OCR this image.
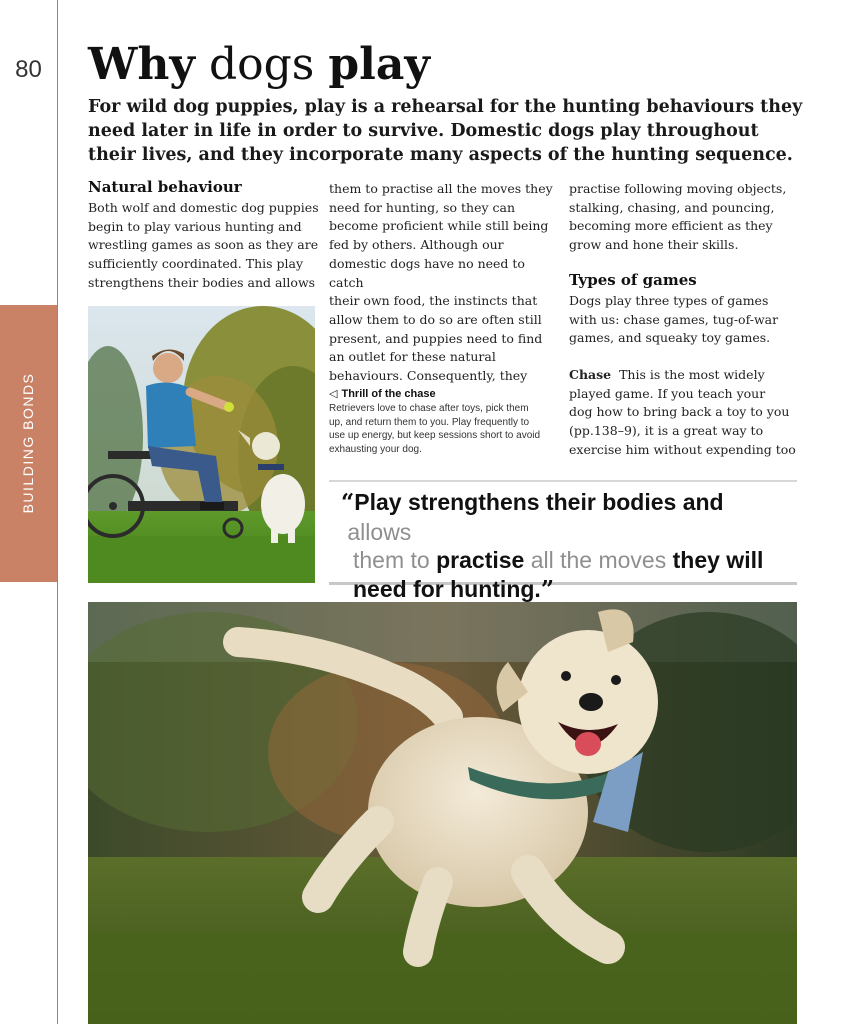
80
BUILDING BONDS
Why dogs play

For wild dog puppies, play is a rehearsal for the hunting behaviours they need later in life in order to survive. Domestic dogs play throughout their lives, and they incorporate many aspects of the hunting sequence.

Natural behaviour
Both wolf and domestic dog puppies
begin to play various hunting and
wrestling games as soon as they are
sufficiently coordinated. This play
strengthens their bodies and allows
them to practise all the moves they
need for hunting, so they can
become proficient while still being
fed by others. Although our
domestic dogs have no need to catch
their own food, the instincts that
allow them to do so are often still
present, and puppies need to find
an outlet for these natural
behaviours. Consequently, they
practise following moving objects,
stalking, chasing, and pouncing,
becoming more efficient as they
grow and hone their skills.
Types of games
Dogs play three types of games
with us: chase games, tug-of-war
games, and squeaky toy games.
Chase  This is the most widely
played game. If you teach your
dog how to bring back a toy to you
(pp.138–9), it is a great way to
exercise him without expending too
◁ Thrill of the chase
Retrievers love to chase after toys, pick them
up, and return them to you. Play frequently to
use up energy, but keep sessions short to avoid
exhausting your dog.
“Play strengthens their bodies and allows
them to practise all the moves they will
need for hunting.”
